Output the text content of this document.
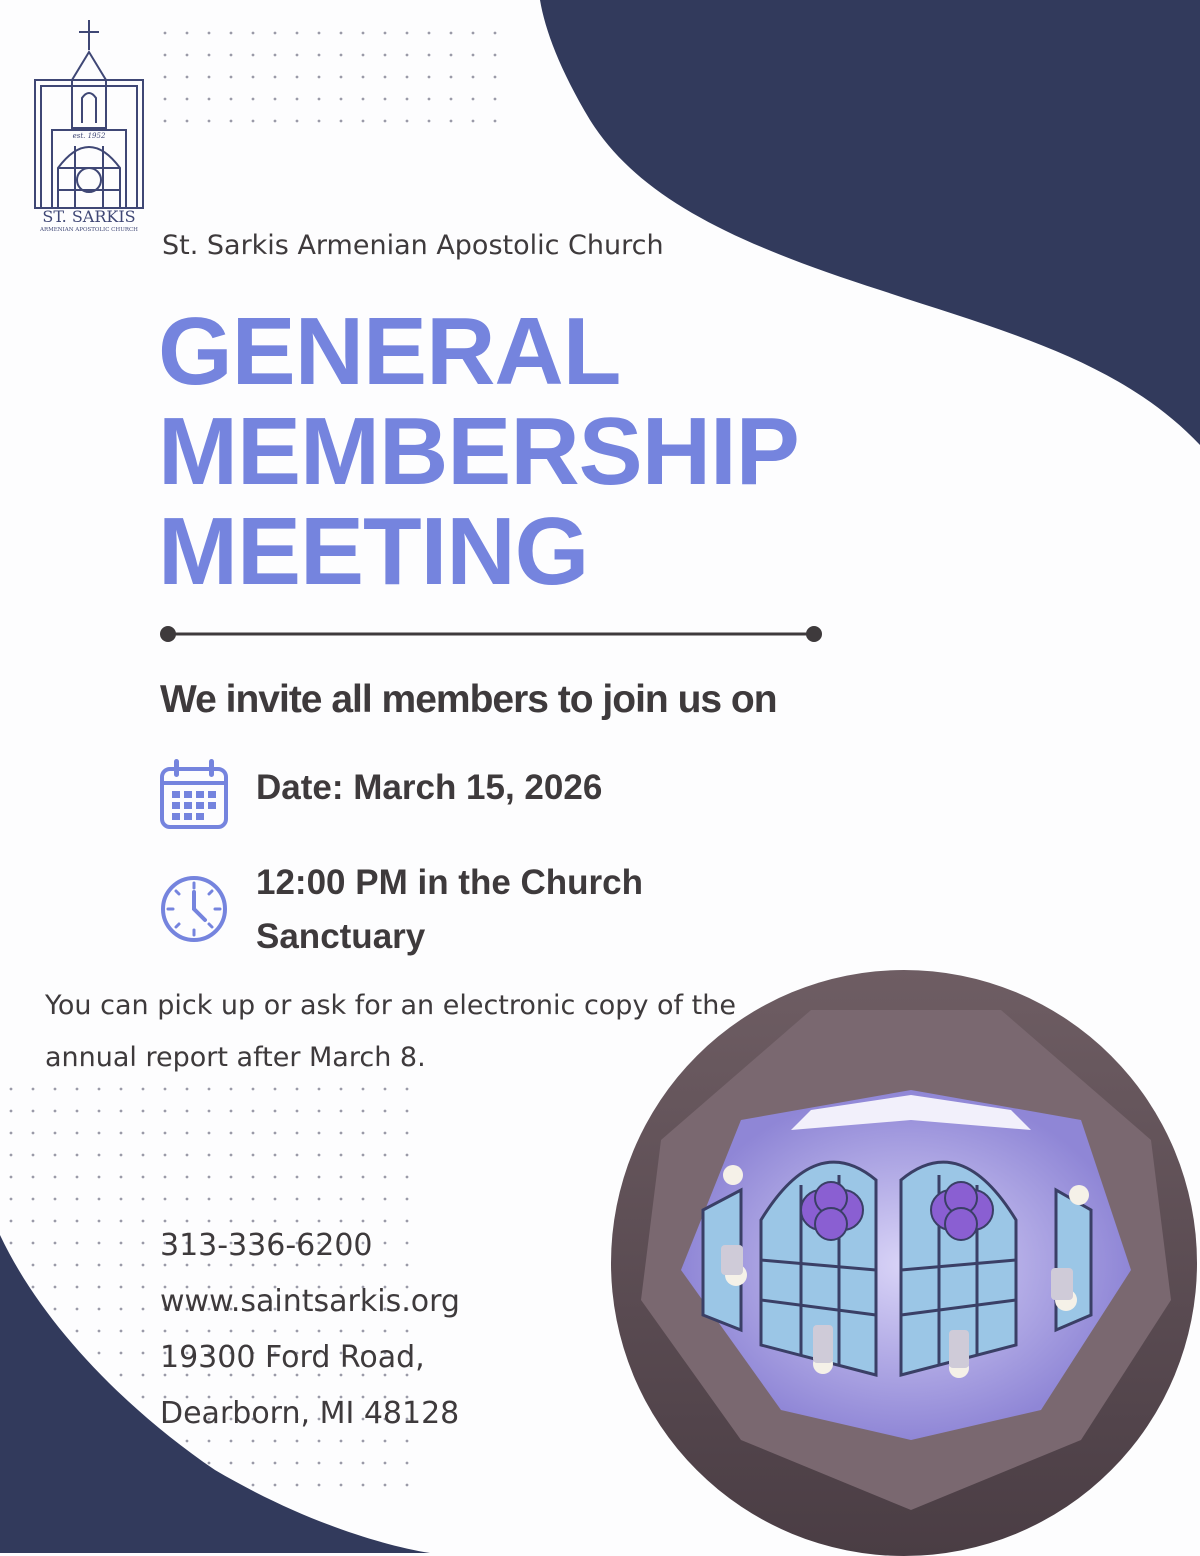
est. 1952
ST. SARKIS
ARMENIAN APOSTOLIC CHURCH St. Sarkis Armenian Apostolic Church
GENERAL
MEMBERSHIP
MEETING
We invite all members to join us on
Date: March 15, 2026
12:00 PM in the Church Sanctuary
You can pick up or ask for an electronic copy of the annual report after March 8.
313-336-6200
www.saintsarkis.org
19300 Ford Road,
Dearborn, MI 48128
